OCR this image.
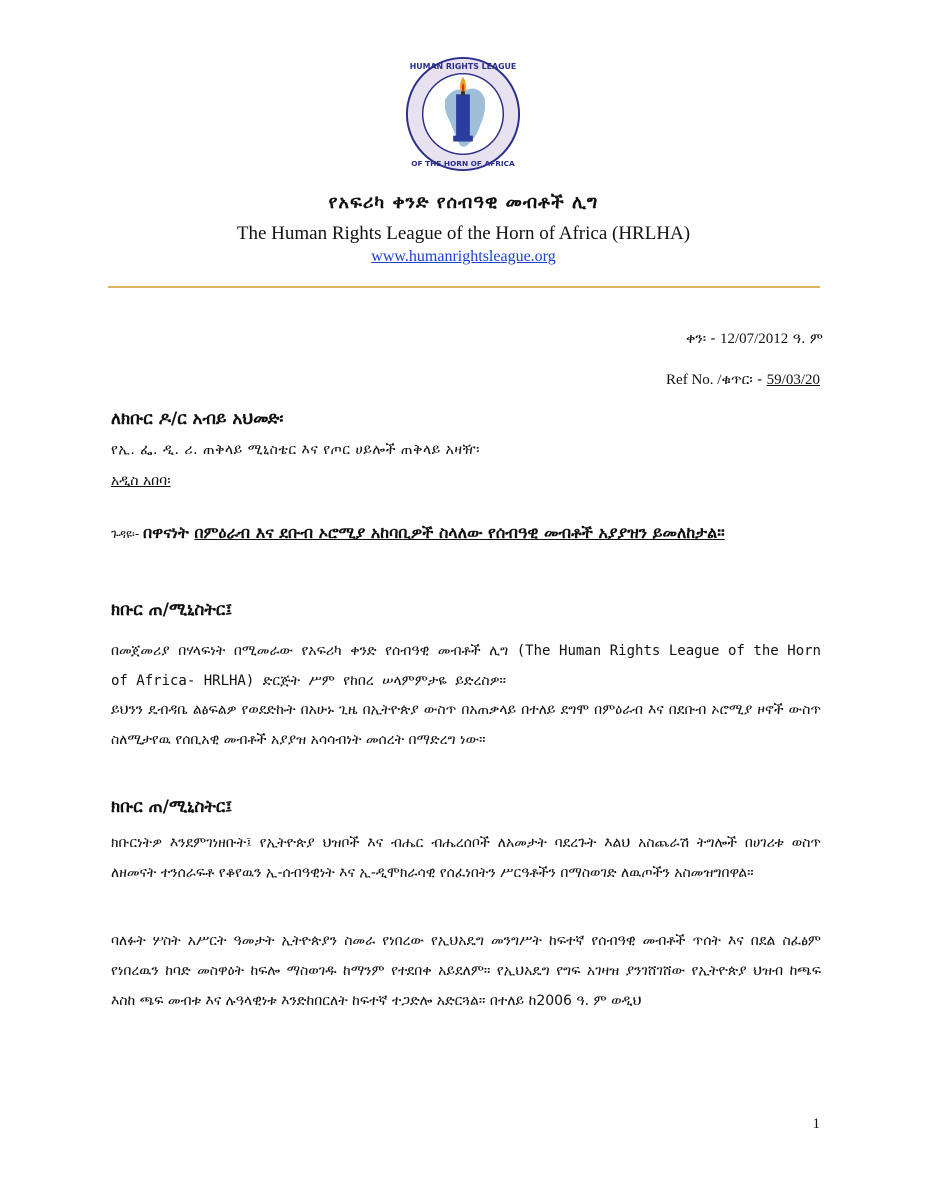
HUMAN RIGHTS LEAGUE
OF THE HORN OF AFRICA
የአፍሪካ ቀንድ የሰብዓዊ መብቶች ሊግ
The Human Rights League of the Horn of Africa (HRLHA)
www.humanrightsleague.org
ቀን፡ - 12/07/2012 ዓ. ም
Ref No. /ቁጥር፡ - 59/03/20
ለክቡር ዶ/ር አብይ አህመድ፡
የኢ. ፌ. ዲ. ሪ. ጠቅላይ ሚኒስቴር እና የጦር ሀይሎች ጠቅላይ አዛዥ፡
አዲስ አበባ፡
ጉዳዩ፡- በዋናነት በምዕራብ እና ደቡብ ኦሮሚያ አከባቢዎች ስላለው የሰብዓዊ መብቶች አያያዝን ይመለከታል።
ክቡር ጠ/ሚኒስትር፤
በመጀመሪያ በሃላፍነት በሚመራው የአፍሪካ ቀንድ የሰብዓዊ መብቶች ሊግ (The Human Rights League of the Horn of Africa- HRLHA) ድርጅት ሥም የከበረ ሠላምምታዬ ይድረስዎ።
ይህንን ዴብዳቤ ልፅፍልዎ የወደድኩት በአሁኑ ጊዜ በኢትዮጵያ ውስጥ በአጠቃላይ በተለይ ደግሞ በምዕራብ እና በደቡብ ኦሮሚያ ዞኖች ውስጥ ስለሚታየዉ የሰቢአዊ መብቶች አያያዝ አሳሳብነት መሰረት በማድረግ ነው።
ክቡር ጠ/ሚኒስትር፤
ክቡርነትዎ እንደምገነዘቡት፤ የኢትዮጵያ ህዝቦች እና ብሔር ብሔረሰቦች ለአመታት ባደረጉት እልህ አስጨራሽ ትግሎች በሀገሪቱ ወስጥ ለዘመናት ተንሰራፍቶ የቆየዉን ኢ-ሰብዓዊነት እና ኢ-ዲሞክራሳዊ የሰፈነበትን ሥርዓቶችን በማስወገድ ለዉጦችን አስመዝግበዋል።
ባለፉት ሦስት አሥርት ዓመታት ኢትዮጵያን ስመራ የነበረው የኢህአዴግ መንግሥት ከፍተኛ የሰብዓዊ መብቶች ጥሰት እና በደል ስፈፅም የነበረዉን ከባድ መስዋዕት ከፍሎ ማስወገዱ ከማንም የተደበቀ አይደለም። የኢህአዴግ የግፍ አገዛዝ ያንገሸገሸው የኢትዮጵያ ህዝብ ከጫፍ እስከ ጫፍ መብቱ እና ሉዓላዊነቱ እንድከበርለት ከፍተኛ ተጋድሎ አድርጓል። በተለይ ከ2006 ዓ. ም ወዲህ
1
